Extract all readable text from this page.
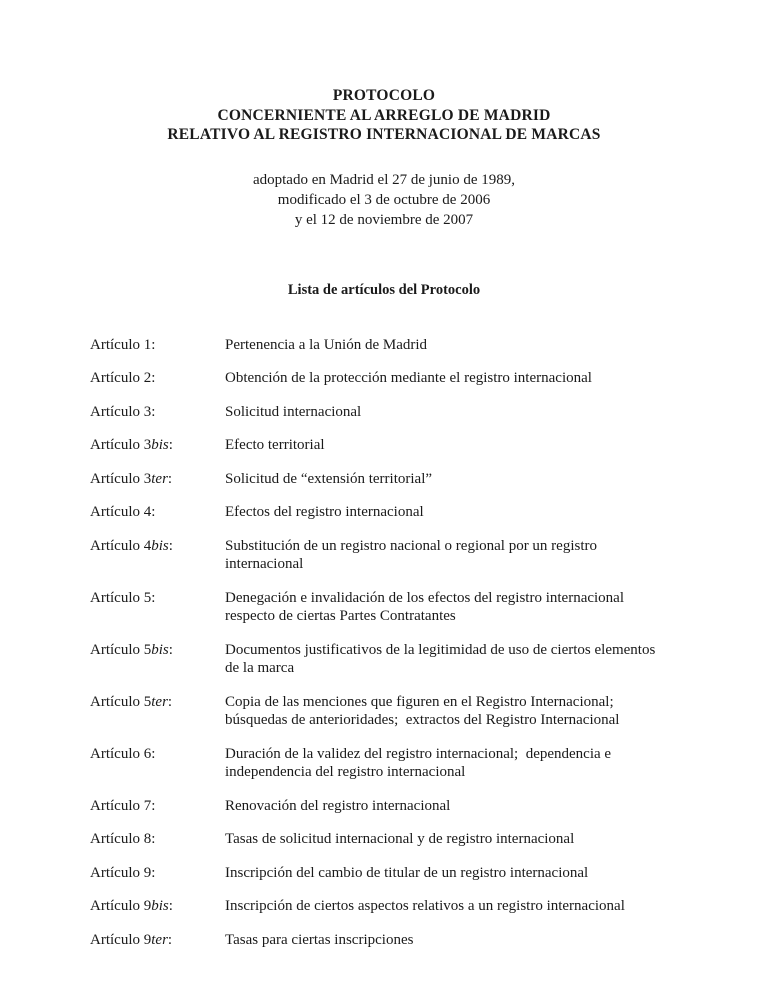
PROTOCOLO
CONCERNIENTE AL ARREGLO DE MADRID
RELATIVO AL REGISTRO INTERNACIONAL DE MARCAS
adoptado en Madrid el 27 de junio de 1989,
modificado el 3 de octubre de 2006
y el 12 de noviembre de 2007
Lista de artículos del Protocolo
Artículo 1:	Pertenencia a la Unión de Madrid
Artículo 2:	Obtención de la protección mediante el registro internacional
Artículo 3:	Solicitud internacional
Artículo 3bis:	Efecto territorial
Artículo 3ter:	Solicitud de “extensión territorial”
Artículo 4:	Efectos del registro internacional
Artículo 4bis:	Substitución de un registro nacional o regional por un registro
internacional
Artículo 5:	Denegación e invalidación de los efectos del registro internacional
respecto de ciertas Partes Contratantes
Artículo 5bis:	Documentos justificativos de la legitimidad de uso de ciertos elementos
de la marca
Artículo 5ter:	Copia de las menciones que figuren en el Registro Internacional;
búsquedas de anterioridades;  extractos del Registro Internacional
Artículo 6:	Duración de la validez del registro internacional;  dependencia e
independencia del registro internacional
Artículo 7:	Renovación del registro internacional
Artículo 8:	Tasas de solicitud internacional y de registro internacional
Artículo 9:	Inscripción del cambio de titular de un registro internacional
Artículo 9bis:	Inscripción de ciertos aspectos relativos a un registro internacional
Artículo 9ter:	Tasas para ciertas inscripciones
